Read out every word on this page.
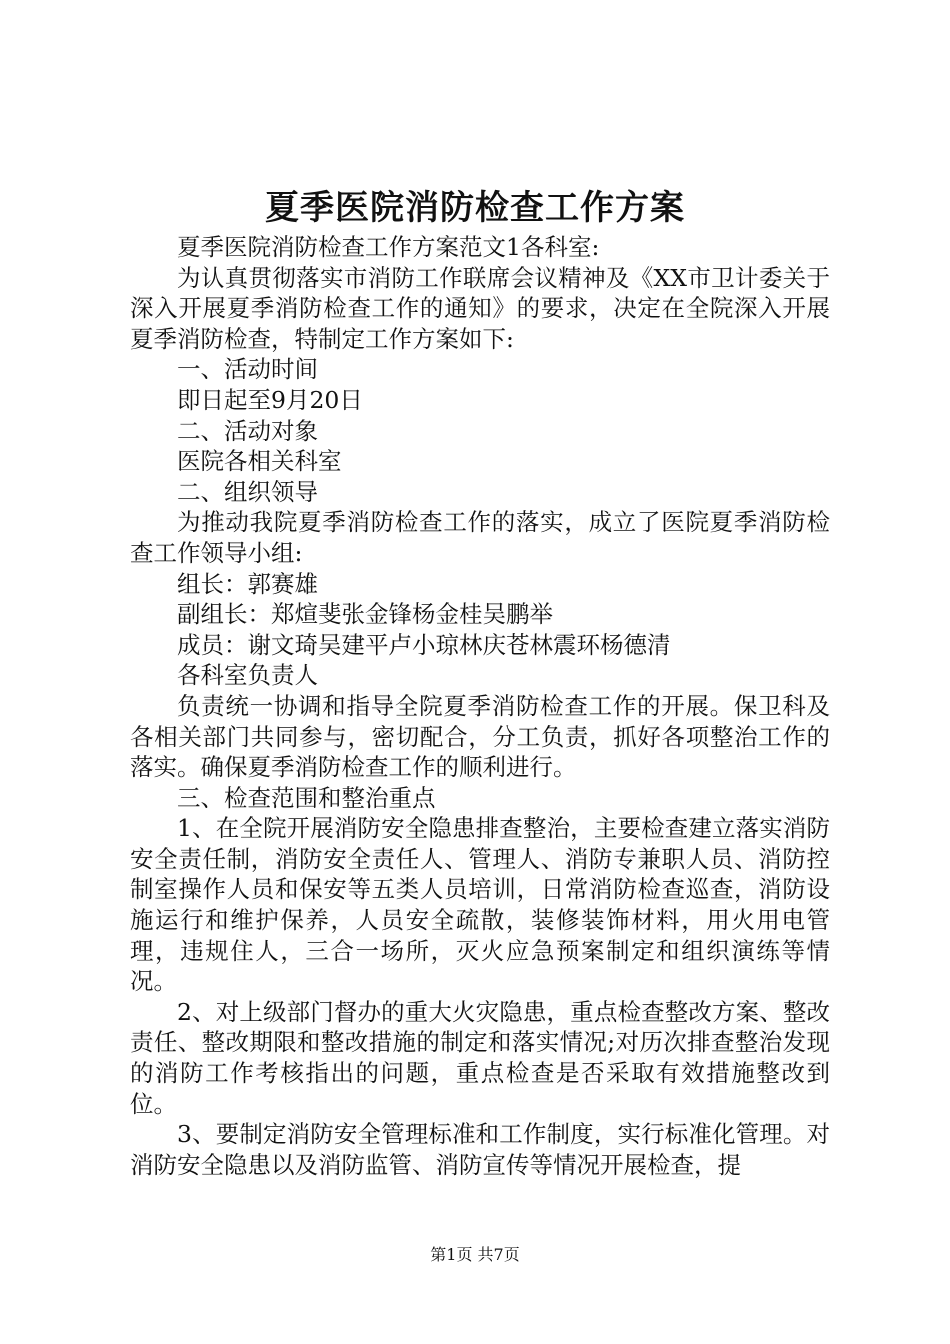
夏季医院消防检查工作方案

夏季医院消防检查工作方案范文1各科室:

为认真贯彻落实市消防工作联席会议精神及《XX市卫计委关于深入开展夏季消防检查工作的通知》的要求，决定在全院深入开展夏季消防检查，特制定工作方案如下:

一、活动时间

即日起至9月20日

二、活动对象

医院各相关科室

二、组织领导

为推动我院夏季消防检查工作的落实，成立了医院夏季消防检查工作领导小组:

组长：郭赛雄

副组长：郑煊斐张金锋杨金桂吴鹏举

成员：谢文琦吴建平卢小琼林庆苍林震环杨德清

各科室负责人

负责统一协调和指导全院夏季消防检查工作的开展。保卫科及各相关部门共同参与，密切配合，分工负责，抓好各项整治工作的落实。确保夏季消防检查工作的顺利进行。

三、检查范围和整治重点

1、在全院开展消防安全隐患排查整治，主要检查建立落实消防安全责任制，消防安全责任人、管理人、消防专兼职人员、消防控制室操作人员和保安等五类人员培训，日常消防检查巡查，消防设施运行和维护保养，人员安全疏散，装修装饰材料，用火用电管理，违规住人，三合一场所，灭火应急预案制定和组织演练等情况。

2、对上级部门督办的重大火灾隐患，重点检查整改方案、整改责任、整改期限和整改措施的制定和落实情况;对历次排查整治发现的消防工作考核指出的问题，重点检查是否采取有效措施整改到位。

3、要制定消防安全管理标准和工作制度，实行标准化管理。对消防安全隐患以及消防监管、消防宣传等情况开展检查，提

第1页 共7页
